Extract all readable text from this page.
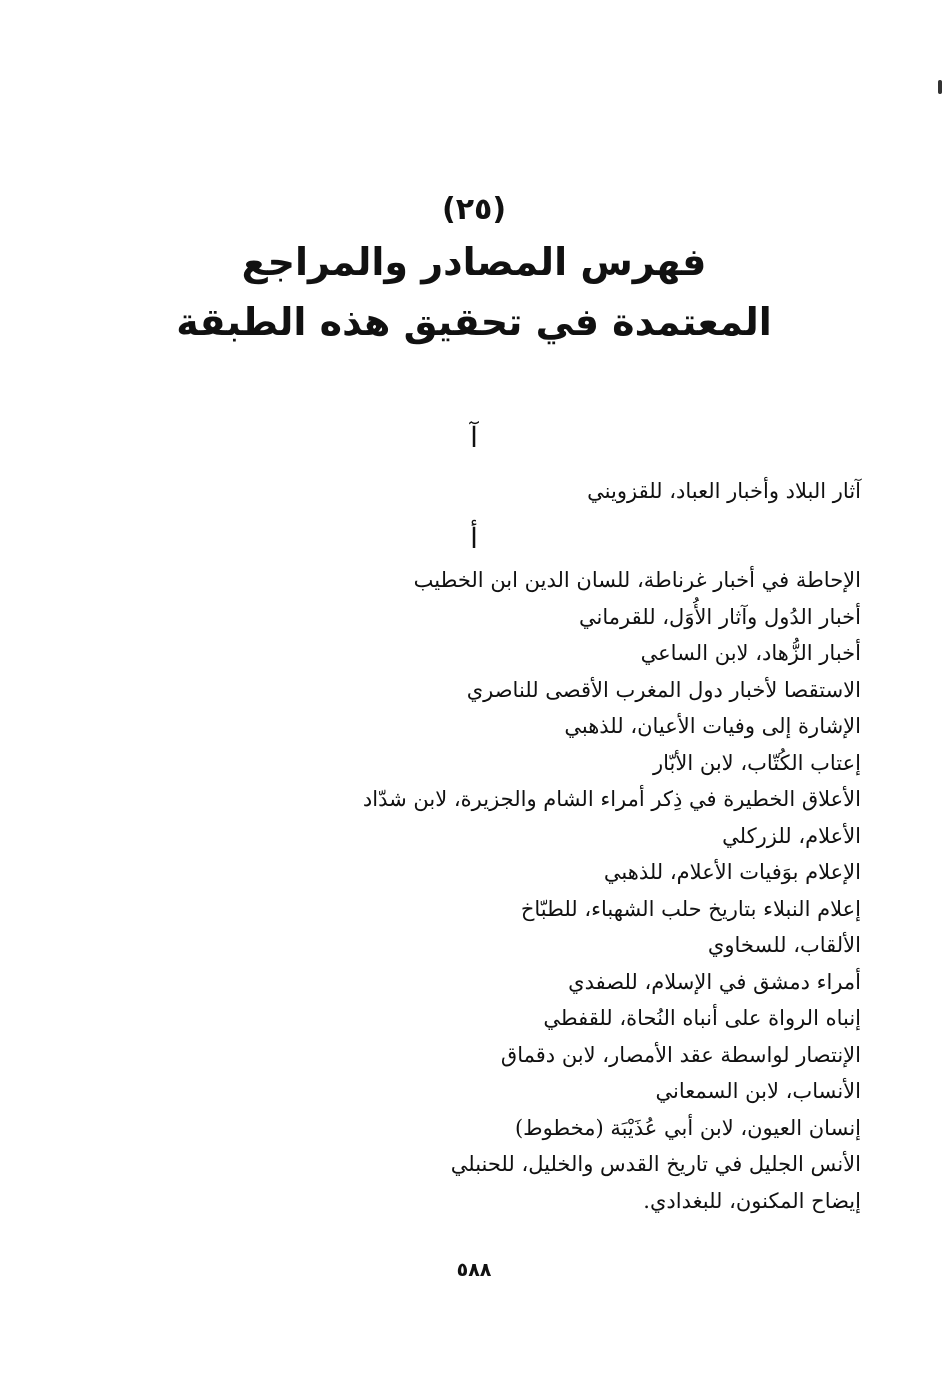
(٢٥)
فهرس المصادر والمراجع
المعتمدة في تحقيق هذه الطبقة
آ
آثار البلاد وأخبار العباد، للقزويني
أ
الإحاطة في أخبار غرناطة، للسان الدين ابن الخطيب
أخبار الدُول وآثار الأُوَل، للقرماني
أخبار الزُّهاد، لابن الساعي
الاستقصا لأخبار دول المغرب الأقصى للناصري
الإشارة إلى وفيات الأعيان، للذهبي
إعتاب الكُتّاب، لابن الأبّار
الأعلاق الخطيرة في ذِكر أمراء الشام والجزيرة، لابن شدّاد
الأعلام، للزركلي
الإعلام بوَفيات الأعلام، للذهبي
إعلام النبلاء بتاريخ حلب الشهباء، للطبّاخ
الألقاب، للسخاوي
أمراء دمشق في الإسلام، للصفدي
إنباه الرواة على أنباه النُحاة، للقفطي
الإنتصار لواسطة عقد الأمصار، لابن دقماق
الأنساب، لابن السمعاني
إنسان العيون، لابن أبي عُذَيْبَة (مخطوط)
الأنس الجليل في تاريخ القدس والخليل، للحنبلي
إيضاح المكنون، للبغدادي.
٥٨٨
